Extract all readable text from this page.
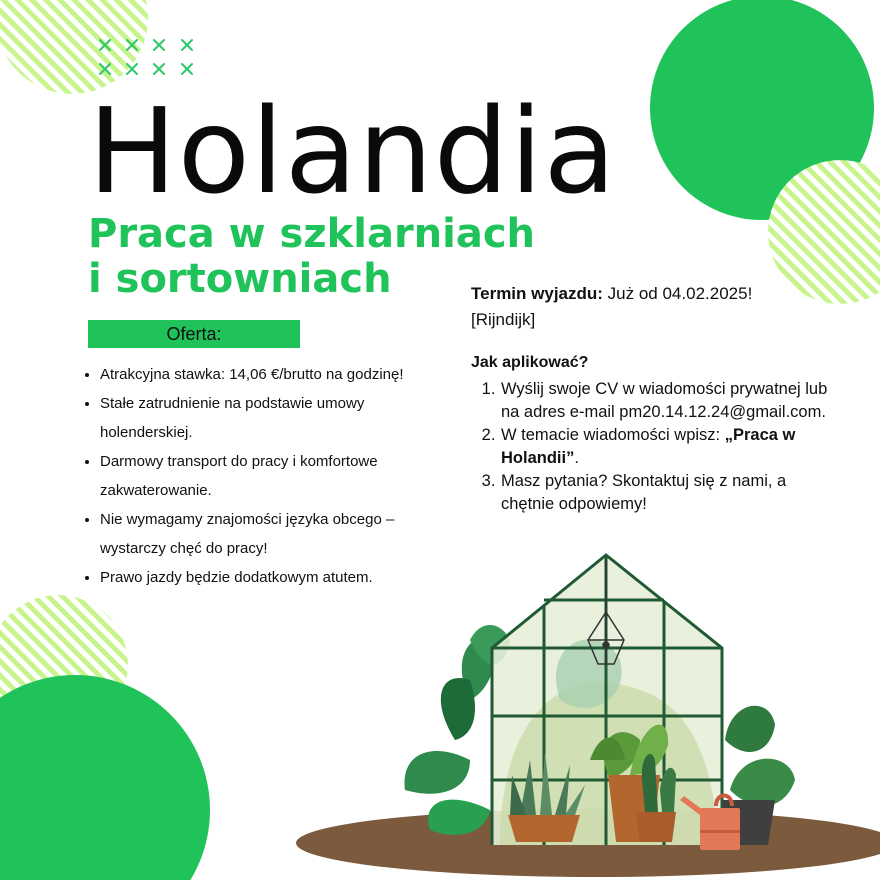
Holandia
Praca w szklarniach
i sortowniach
Oferta:
• Atrakcyjna stawka: 14,06 €/brutto na godzinę!
• Stałe zatrudnienie na podstawie umowy holenderskiej.
• Darmowy transport do pracy i komfortowe zakwaterowanie.
• Nie wymagamy znajomości języka obcego – wystarczy chęć do pracy!
• Prawo jazdy będzie dodatkowym atutem.
Termin wyjazdu: Już od 04.02.2025!
[Rijndijk]
Jak aplikować?
1. Wyślij swoje CV w wiadomości prywatnej lub na adres e-mail pm20.14.12.24@gmail.com.
2. W temacie wiadomości wpisz: „Praca w Holandii”.
3. Masz pytania? Skontaktuj się z nami, a chętnie odpowiemy!
